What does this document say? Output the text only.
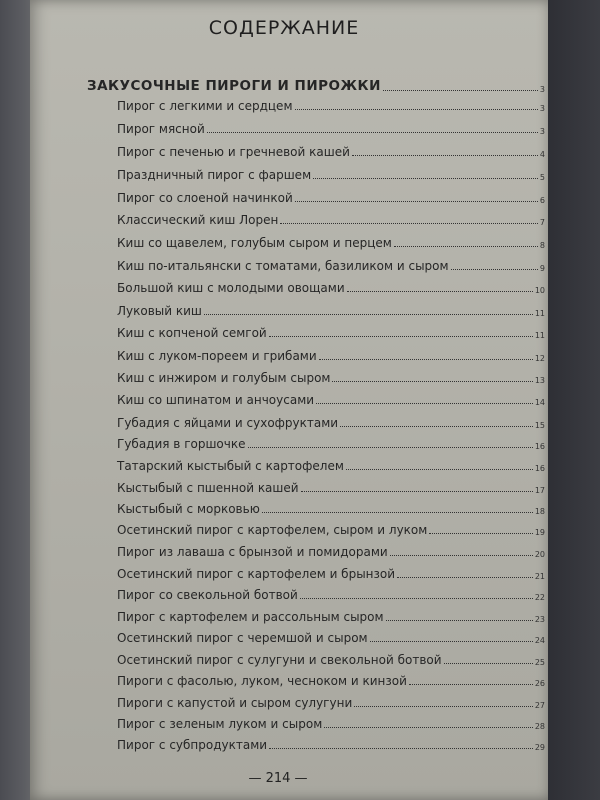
СОДЕРЖАНИЕ
ЗАКУСОЧНЫЕ ПИРОГИ И ПИРОЖКИ	3
Пирог с легкими и сердцем	3
Пирог мясной	3
Пирог с печенью и гречневой кашей	4
Праздничный пирог с фаршем	5
Пирог со слоеной начинкой	6
Классический киш Лорен	7
Киш со щавелем, голубым сыром и перцем	8
Киш по-итальянски с томатами, базиликом и сыром	9
Большой киш с молодыми овощами	10
Луковый киш	11
Киш с копченой семгой	11
Киш с луком-пореем и грибами	12
Киш с инжиром и голубым сыром	13
Киш со шпинатом и анчоусами	14
Губадия с яйцами и сухофруктами	15
Губадия в горшочке	16
Татарский кыстыбый с картофелем	16
Кыстыбый с пшенной кашей	17
Кыстыбый с морковью	18
Осетинский пирог с картофелем, сыром и луком	19
Пирог из лаваша с брынзой и помидорами	20
Осетинский пирог с картофелем и брынзой	21
Пирог со свекольной ботвой	22
Пирог с картофелем и рассольным сыром	23
Осетинский пирог с черемшой и сыром	24
Осетинский пирог с сулугуни и свекольной ботвой	25
Пироги с фасолью, луком, чесноком и кинзой	26
Пироги с капустой и сыром сулугуни	27
Пирог с зеленым луком и сыром	28
Пирог с субпродуктами	29
— 214 —
